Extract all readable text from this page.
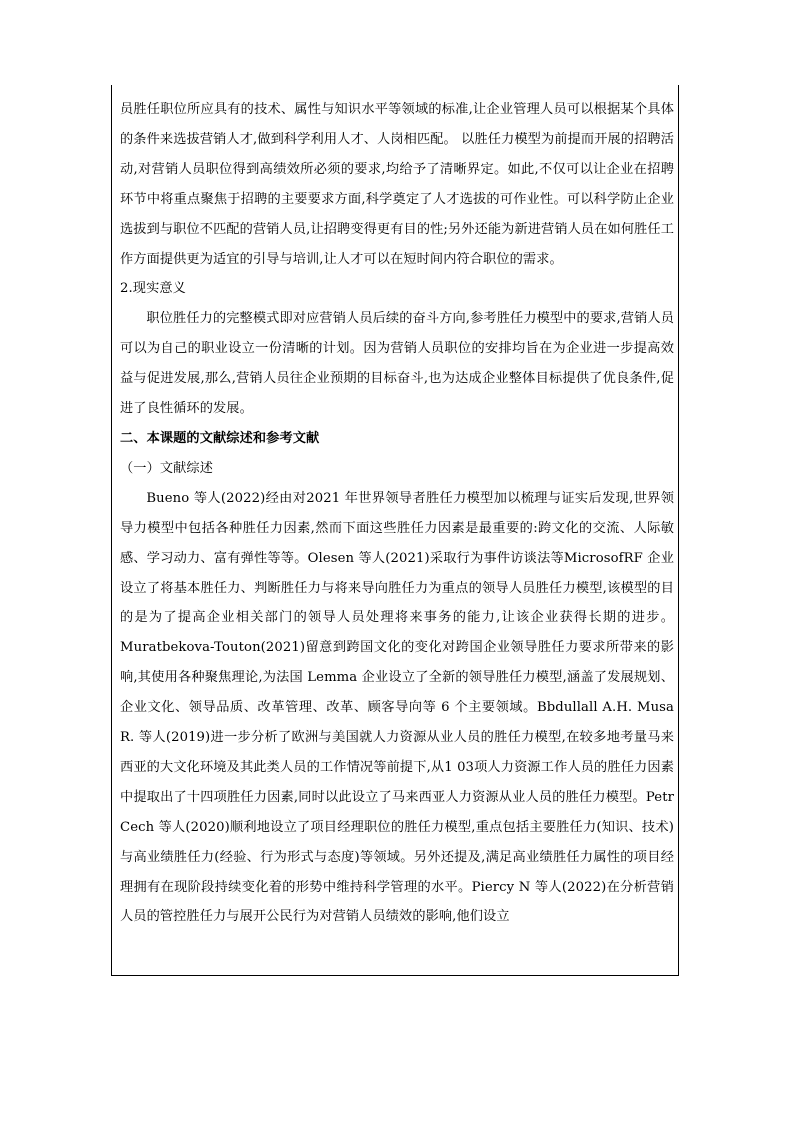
员胜任职位所应具有的技术、属性与知识水平等领域的标准,让企业管理人员可以根据某个具体的条件来选拔营销人才,做到科学利用人才、人岗相匹配。 以胜任力模型为前提而开展的招聘活动,对营销人员职位得到高绩效所必须的要求,均给予了清晰界定。如此,不仅可以让企业在招聘环节中将重点聚焦于招聘的主要要求方面,科学奠定了人才选拔的可作业性。可以科学防止企业选拔到与职位不匹配的营销人员,让招聘变得更有目的性;另外还能为新进营销人员在如何胜任工作方面提供更为适宜的引导与培训,让人才可以在短时间内符合职位的需求。

2.现实意义

职位胜任力的完整模式即对应营销人员后续的奋斗方向,参考胜任力模型中的要求,营销人员可以为自己的职业设立一份清晰的计划。因为营销人员职位的安排均旨在为企业进一步提高效益与促进发展,那么,营销人员往企业预期的目标奋斗,也为达成企业整体目标提供了优良条件,促进了良性循环的发展。

二、本课题的文献综述和参考文献

（一）文献综述

Bueno 等人(2022)经由对2021 年世界领导者胜任力模型加以梳理与证实后发现,世界领导力模型中包括各种胜任力因素,然而下面这些胜任力因素是最重要的:跨文化的交流、人际敏感、学习动力、富有弹性等等。Olesen 等人(2021)采取行为事件访谈法等MicrosofRF 企业设立了将基本胜任力、判断胜任力与将来导向胜任力为重点的领导人员胜任力模型,该模型的目的是为了提高企业相关部门的领导人员处理将来事务的能力,让该企业获得长期的进步。Muratbekova-Touton(2021)留意到跨国文化的变化对跨国企业领导胜任力要求所带来的影响,其使用各种聚焦理论,为法国 Lemma 企业设立了全新的领导胜任力模型,涵盖了发展规划、企业文化、领导品质、改革管理、改革、顾客导向等 6 个主要领域。Bbdullall A.H. Musa R. 等人(2019)进一步分析了欧洲与美国就人力资源从业人员的胜任力模型,在较多地考量马来西亚的大文化环境及其此类人员的工作情况等前提下,从1 03项人力资源工作人员的胜任力因素中提取出了十四项胜任力因素,同时以此设立了马来西亚人力资源从业人员的胜任力模型。Petr Cech 等人(2020)顺利地设立了项目经理职位的胜任力模型,重点包括主要胜任力(知识、技术)与高业绩胜任力(经验、行为形式与态度)等领域。另外还提及,满足高业绩胜任力属性的项目经理拥有在现阶段持续变化着的形势中维持科学管理的水平。Piercy N 等人(2022)在分析营销人员的管控胜任力与展开公民行为对营销人员绩效的影响,他们设立
